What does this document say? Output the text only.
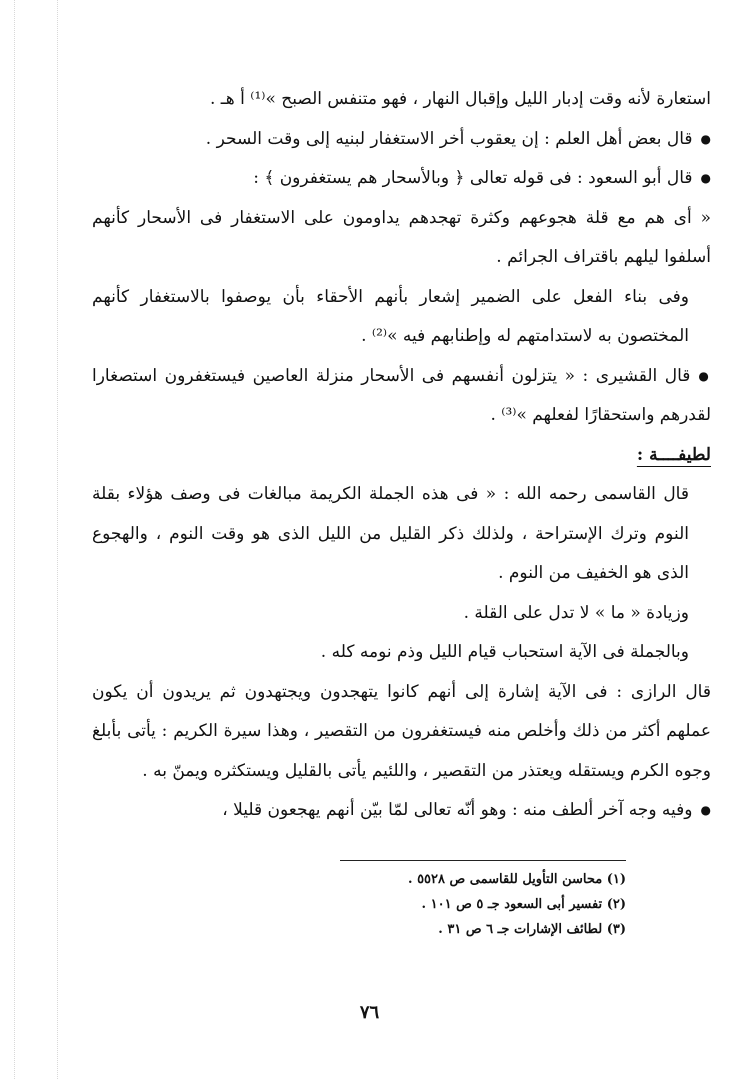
استعارة لأنه وقت إدبار الليل وإقبال النهار ، فهو متنفس الصبح »⁽¹⁾ أ هـ .

● قال بعض أهل العلم : إن يعقوب أخر الاستغفار لبنيه إلى وقت السحر .

● قال أبو السعود : فى قوله تعالى ﴿ وبالأسحار هم يستغفرون ﴾ :

« أى هم مع قلة هجوعهم وكثرة تهجدهم يداومون على الاستغفار فى الأسحار كأنهم أسلفوا ليلهم باقتراف الجرائم .

وفى بناء الفعل على الضمير إشعار بأنهم الأحقاء بأن يوصفوا بالاستغفار كأنهم المختصون به لاستدامتهم له وإطنابهم فيه »⁽²⁾ .

● قال القشيرى : « يتزلون أنفسهم فى الأسحار منزلة العاصين فيستغفرون استصغارا لقدرهم واستحقارًا لفعلهم »⁽³⁾ .

لطيفــــة :

قال القاسمى رحمه الله : « فى هذه الجملة الكريمة مبالغات فى وصف هؤلاء بقلة النوم وترك الإستراحة ، ولذلك ذكر القليل من الليل الذى هو وقت النوم ، والهجوع الذى هو الخفيف من النوم .

وزيادة « ما » لا تدل على القلة .

وبالجملة فى الآية استحباب قيام الليل وذم نومه كله .

قال الرازى : فى الآية إشارة إلى أنهم كانوا يتهجدون ويجتهدون ثم يريدون أن يكون عملهم أكثر من ذلك وأخلص منه فيستغفرون من التقصير ، وهذا سيرة الكريم : يأتى بأبلغ وجوه الكرم ويستقله ويعتذر من التقصير ، واللئيم يأتى بالقليل ويستكثره ويمنّ به .

● وفيه وجه آخر ألطف منه : وهو أنّه تعالى لمّا بيّن أنهم يهجعون قليلا ،

(١) محاسن التأويل للقاسمى ص ٥٥٢٨ .
(٢) تفسير أبى السعود جـ ٥ ص ١٠١ .
(٣) لطائف الإشارات جـ ٦ ص ٣١ .
٧٦
